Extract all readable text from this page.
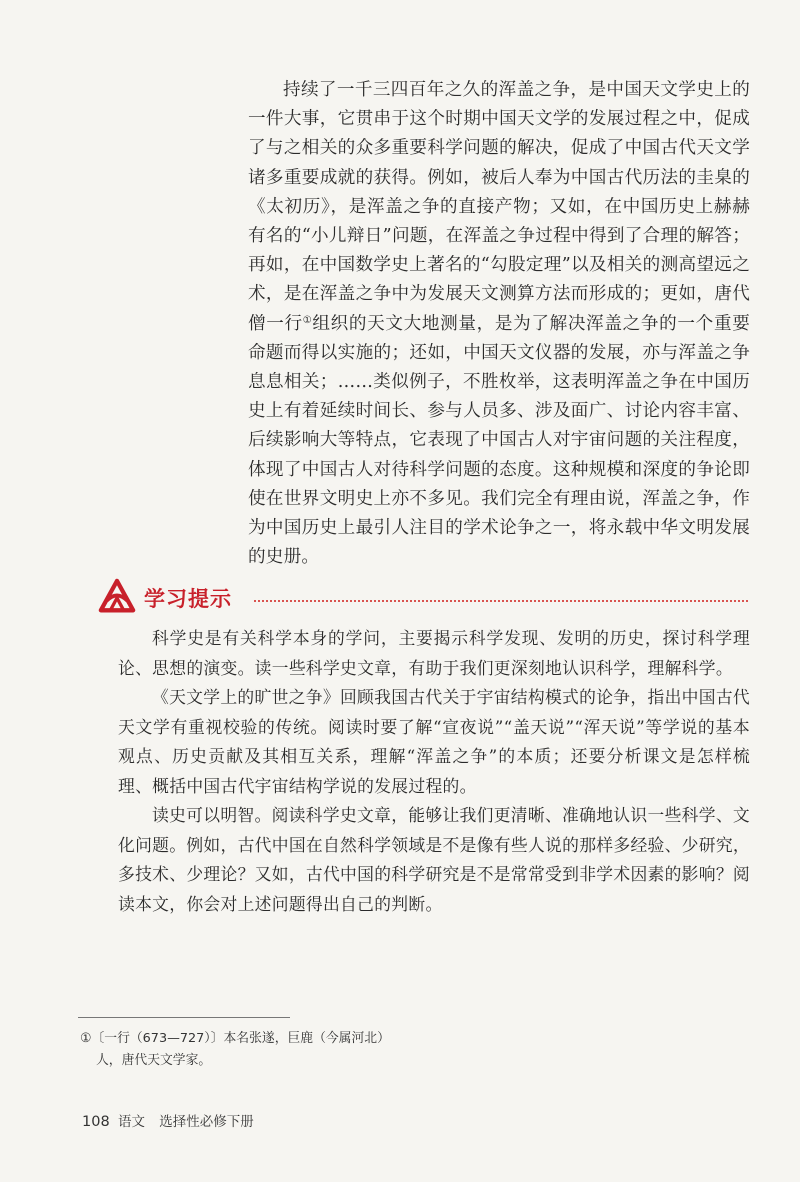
持续了一千三四百年之久的浑盖之争，是中国天文学史上的一件大事，它贯串于这个时期中国天文学的发展过程之中，促成了与之相关的众多重要科学问题的解决，促成了中国古代天文学诸多重要成就的获得。例如，被后人奉为中国古代历法的圭臬的《太初历》，是浑盖之争的直接产物；又如，在中国历史上赫赫有名的“小儿辩日”问题，在浑盖之争过程中得到了合理的解答；再如，在中国数学史上著名的“勾股定理”以及相关的测高望远之术，是在浑盖之争中为发展天文测算方法而形成的；更如，唐代僧一行①组织的天文大地测量，是为了解决浑盖之争的一个重要命题而得以实施的；还如，中国天文仪器的发展，亦与浑盖之争息息相关；……类似例子，不胜枚举，这表明浑盖之争在中国历史上有着延续时间长、参与人员多、涉及面广、讨论内容丰富、后续影响大等特点，它表现了中国古人对宇宙问题的关注程度，体现了中国古人对待科学问题的态度。这种规模和深度的争论即使在世界文明史上亦不多见。我们完全有理由说，浑盖之争，作为中国历史上最引人注目的学术论争之一，将永载中华文明发展的史册。

学习提示

科学史是有关科学本身的学问，主要揭示科学发现、发明的历史，探讨科学理论、思想的演变。读一些科学史文章，有助于我们更深刻地认识科学，理解科学。

《天文学上的旷世之争》回顾我国古代关于宇宙结构模式的论争，指出中国古代天文学有重视校验的传统。阅读时要了解“宣夜说”“盖天说”“浑天说”等学说的基本观点、历史贡献及其相互关系，理解“浑盖之争”的本质；还要分析课文是怎样梳理、概括中国古代宇宙结构学说的发展过程的。

读史可以明智。阅读科学史文章，能够让我们更清晰、准确地认识一些科学、文化问题。例如，古代中国在自然科学领域是不是像有些人说的那样多经验、少研究，多技术、少理论？又如，古代中国的科学研究是不是常常受到非学术因素的影响？阅读本文，你会对上述问题得出自己的判断。

①〔一行（673—727）〕本名张遂，巨鹿（今属河北）
人，唐代天文学家。
108 语文 选择性必修下册
